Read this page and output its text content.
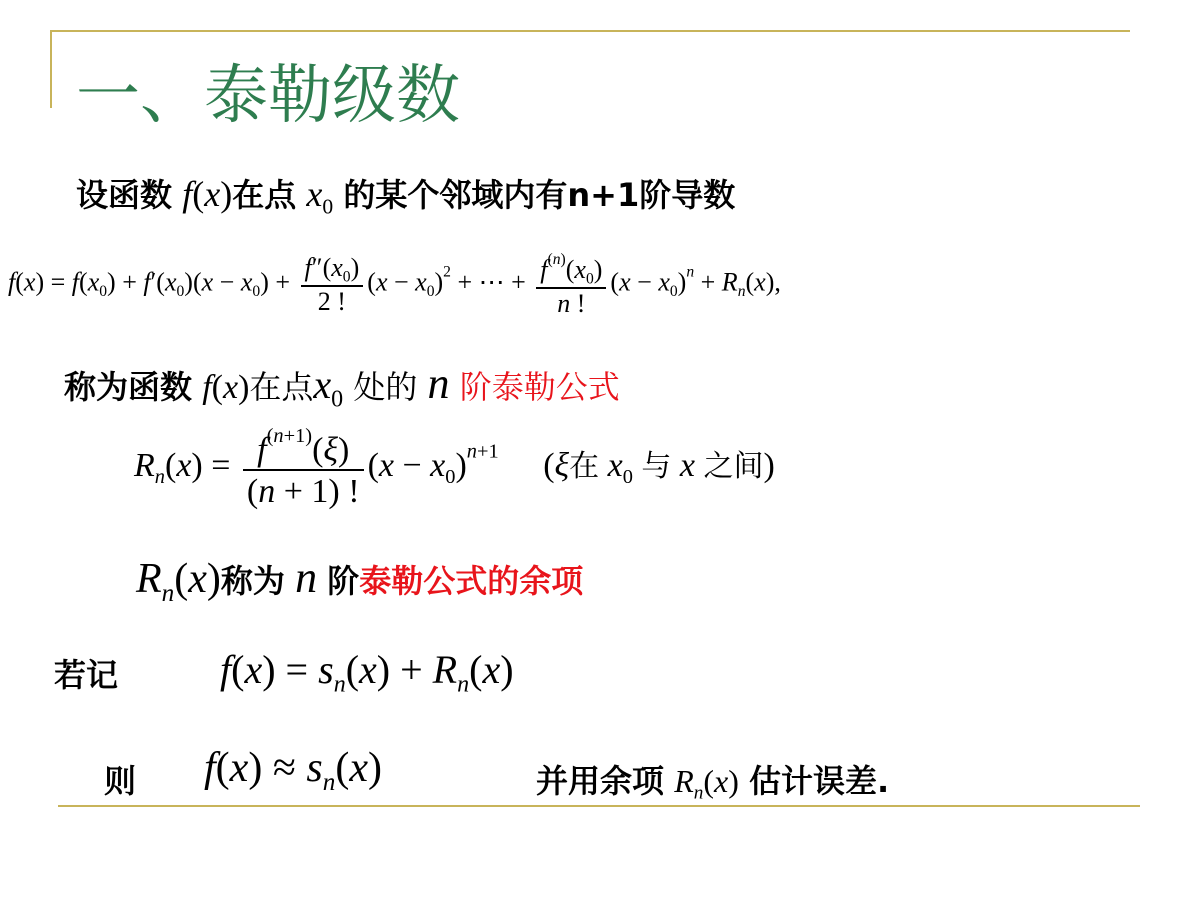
一、泰勒级数
设函数 f(x)在点 $x_0$ 的某个邻域内有n+1阶导数
$f(x) = f(x_0) + f'(x_0)(x - x_0) + \frac{f''(x_0)}{2 !} (x - x_0)^2$ + ⋯ + $\frac{f^{(n)}(x_0)}{n !} (x - x_0)^n + R_n(x)$,
称为函数 f(x)在点$x_0$ 处的 n 阶泰勒公式
$R_n(x) = \frac{f^{(n+1)}(\xi)}{(n + 1) !} (x - x_0)^{n+1}$ (ξ在 $x_0$ 与 x 之间)
$R_n(x)$称为 n 阶泰勒公式的余项
若记	$f(x) = s_n(x) + R_n(x)$
则 $f(x) \approx s_n(x)$	并用余项 $R_n(x)$ 估计误差.
